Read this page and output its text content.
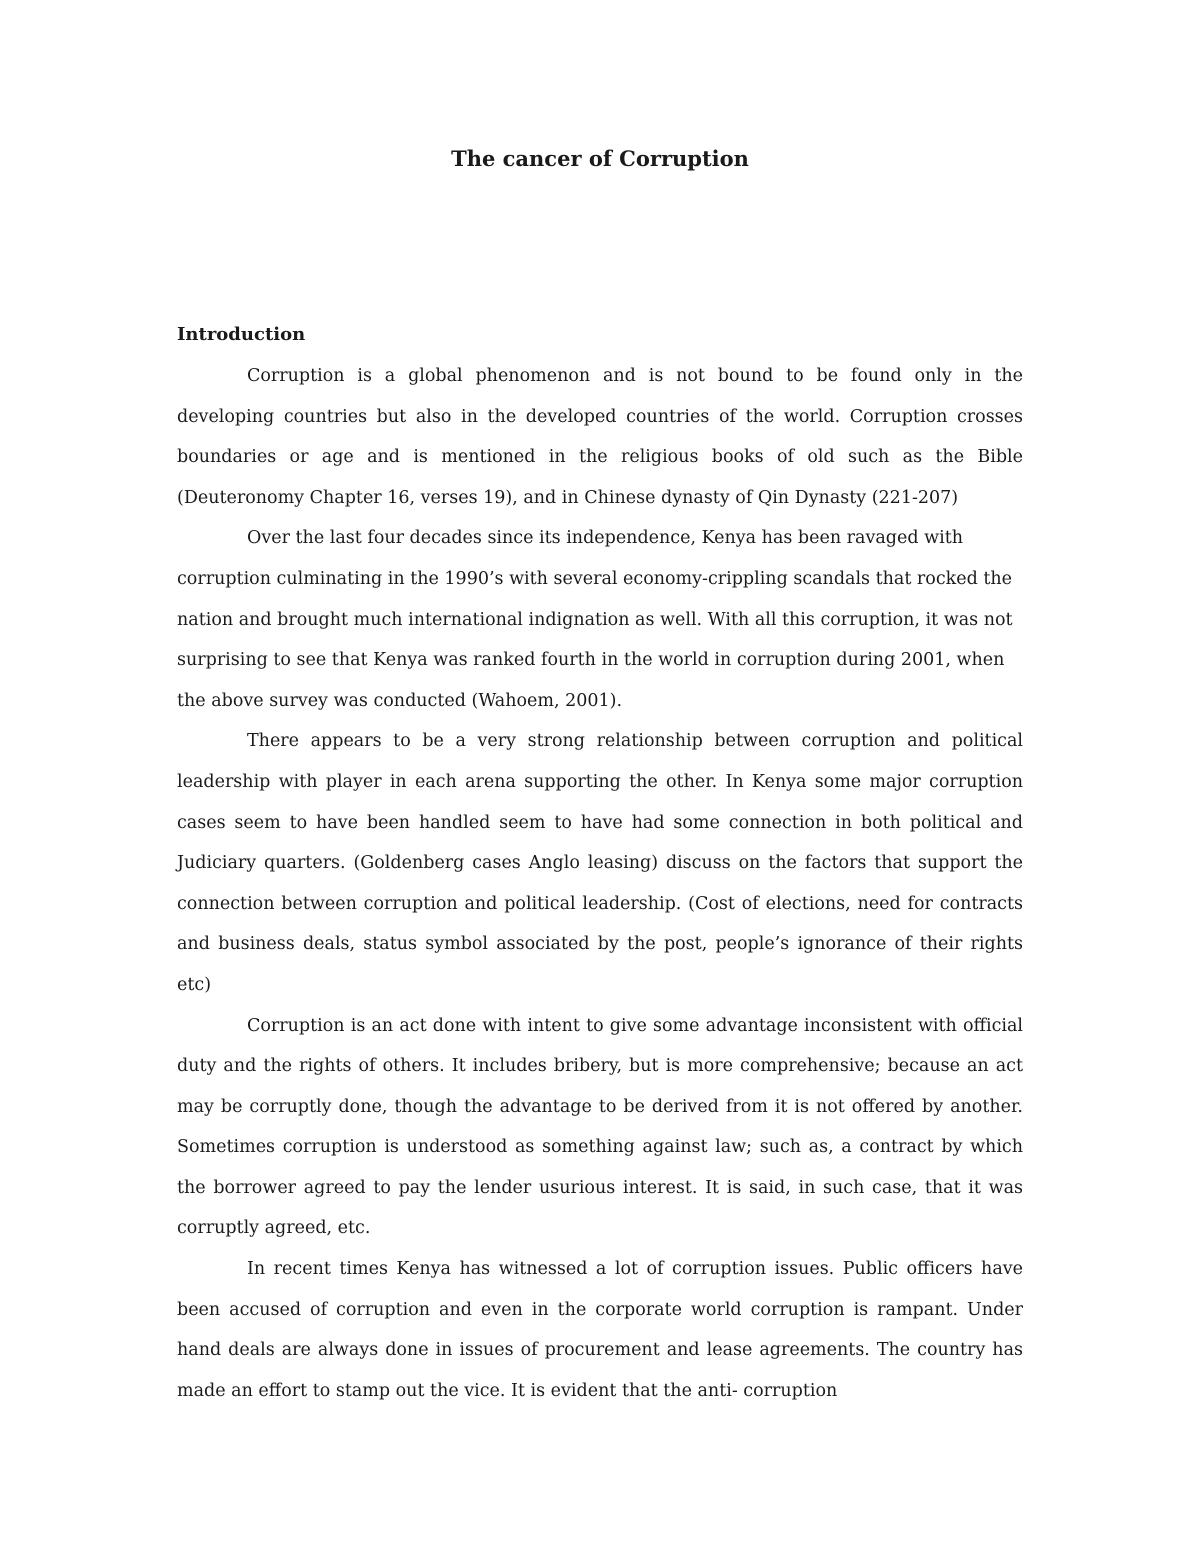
The cancer of Corruption
Introduction

Corruption is a global phenomenon and is not bound to be found only in the developing countries but also in the developed countries of the world. Corruption crosses boundaries or age and is mentioned in the religious books of old such as the Bible (Deuteronomy Chapter 16, verses 19), and in Chinese dynasty of Qin Dynasty (221-207)

Over the last four decades since its independence, Kenya has been ravaged with corruption culminating in the 1990’s with several economy-crippling scandals that rocked the nation and brought much international indignation as well. With all this corruption, it was not surprising to see that Kenya was ranked fourth in the world in corruption during 2001, when the above survey was conducted (Wahoem, 2001).

There appears to be a very strong relationship between corruption and political leadership with player in each arena supporting the other. In Kenya some major corruption cases seem to have been handled seem to have had some connection in both political and Judiciary quarters. (Goldenberg cases Anglo leasing) discuss on the factors that support the connection between corruption and political leadership. (Cost of elections, need for contracts and business deals, status symbol associated by the post, people’s ignorance of their rights etc)

Corruption is an act done with intent to give some advantage inconsistent with official duty and the rights of others. It includes bribery, but is more comprehensive; because an act may be corruptly done, though the advantage to be derived from it is not offered by another. Sometimes corruption is understood as something against law; such as, a contract by which the borrower agreed to pay the lender usurious interest. It is said, in such case, that it was corruptly agreed, etc.

In recent times Kenya has witnessed a lot of corruption issues. Public officers have been accused of corruption and even in the corporate world corruption is rampant. Under hand deals are always done in issues of procurement and lease agreements. The country has made an effort to stamp out the vice. It is evident that the anti- corruption
